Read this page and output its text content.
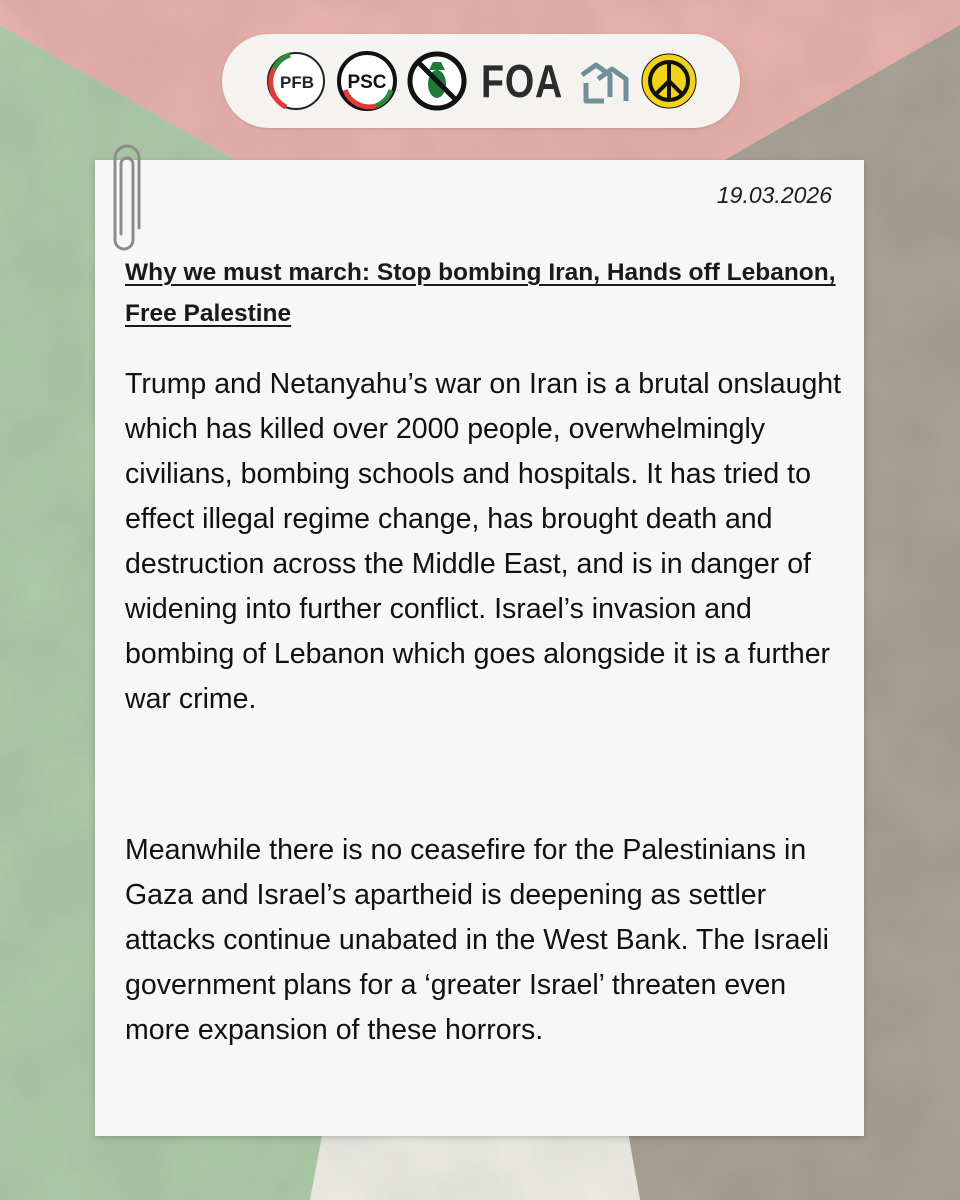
PFB PSC FOA
19.03.2026
Why we must march: Stop bombing Iran, Hands off Lebanon, Free Palestine

Trump and Netanyahu’s war on Iran is a brutal onslaught which has killed over 2000 people, overwhelmingly civilians, bombing schools and hospitals. It has tried to effect illegal regime change, has brought death and destruction across the Middle East, and is in danger of widening into further conflict. Israel’s invasion and bombing of Lebanon which goes alongside it is a further war crime.

Meanwhile there is no ceasefire for the Palestinians in Gaza and Israel’s apartheid is deepening as settler attacks continue unabated in the West Bank. The Israeli government plans for a ‘greater Israel’ threaten even more expansion of these horrors.
